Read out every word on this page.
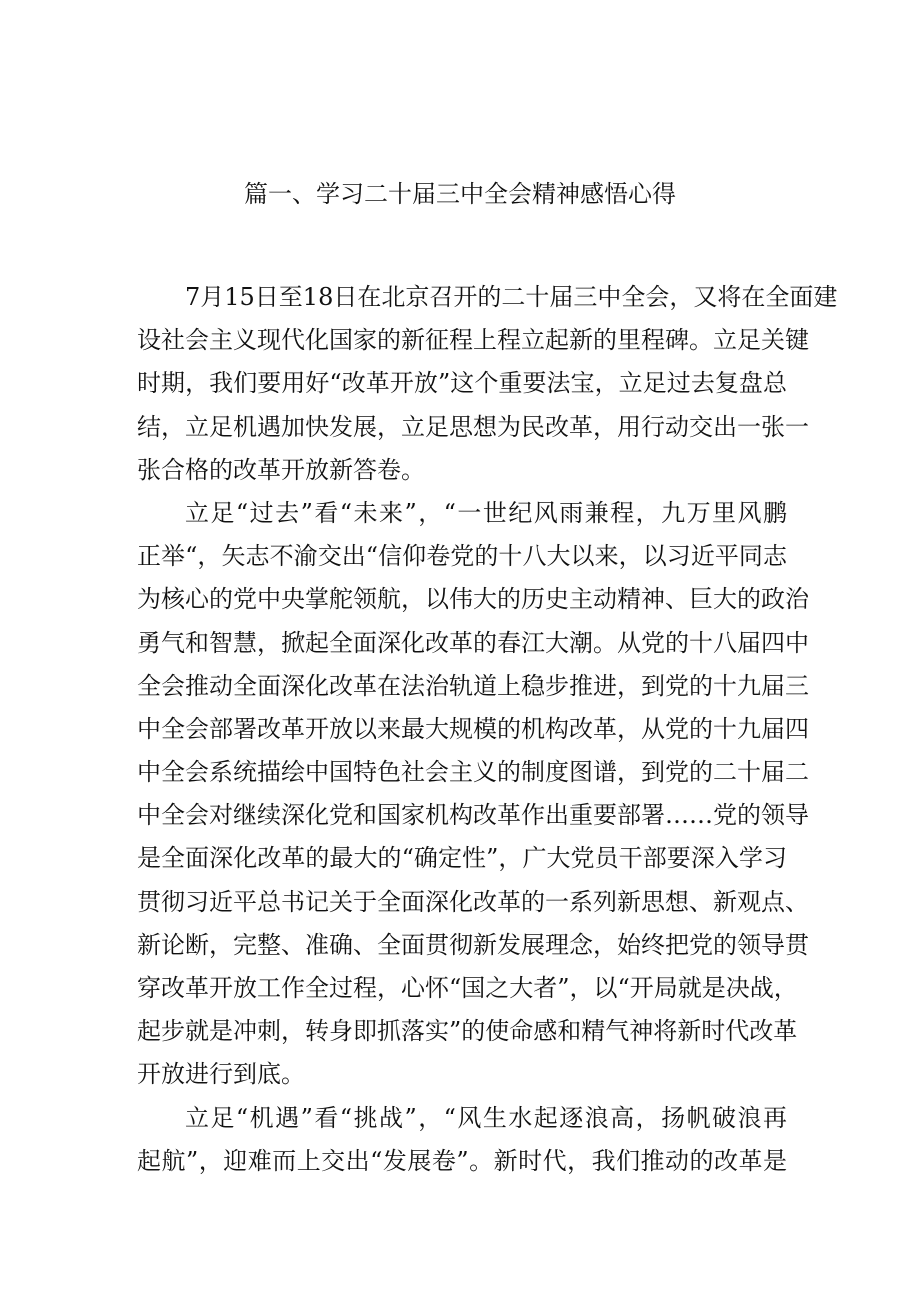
篇一、学习二十届三中全会精神感悟心得
7月15日至18日在北京召开的二十届三中全会，又将在全面建
设社会主义现代化国家的新征程上程立起新的里程碑。立足关键
时期，我们要用好“改革开放”这个重要法宝，立足过去复盘总
结，立足机遇加快发展，立足思想为民改革，用行动交出一张一
张合格的改革开放新答卷。
立足“过去”看“未来”，“一世纪风雨兼程，九万里风鹏
正举“，矢志不渝交出“信仰卷党的十八大以来，以习近平同志
为核心的党中央掌舵领航，以伟大的历史主动精神、巨大的政治
勇气和智慧，掀起全面深化改革的春江大潮。从党的十八届四中
全会推动全面深化改革在法治轨道上稳步推进，到党的十九届三
中全会部署改革开放以来最大规模的机构改革，从党的十九届四
中全会系统描绘中国特色社会主义的制度图谱，到党的二十届二
中全会对继续深化党和国家机构改革作出重要部署……党的领导
是全面深化改革的最大的“确定性”，广大党员干部要深入学习
贯彻习近平总书记关于全面深化改革的一系列新思想、新观点、
新论断，完整、准确、全面贯彻新发展理念，始终把党的领导贯
穿改革开放工作全过程，心怀“国之大者”，以“开局就是决战，
起步就是冲刺，转身即抓落实”的使命感和精气神将新时代改革
开放进行到底。
立足“机遇”看“挑战”，“风生水起逐浪高，扬帆破浪再
起航”，迎难而上交出“发展卷”。新时代，我们推动的改革是
